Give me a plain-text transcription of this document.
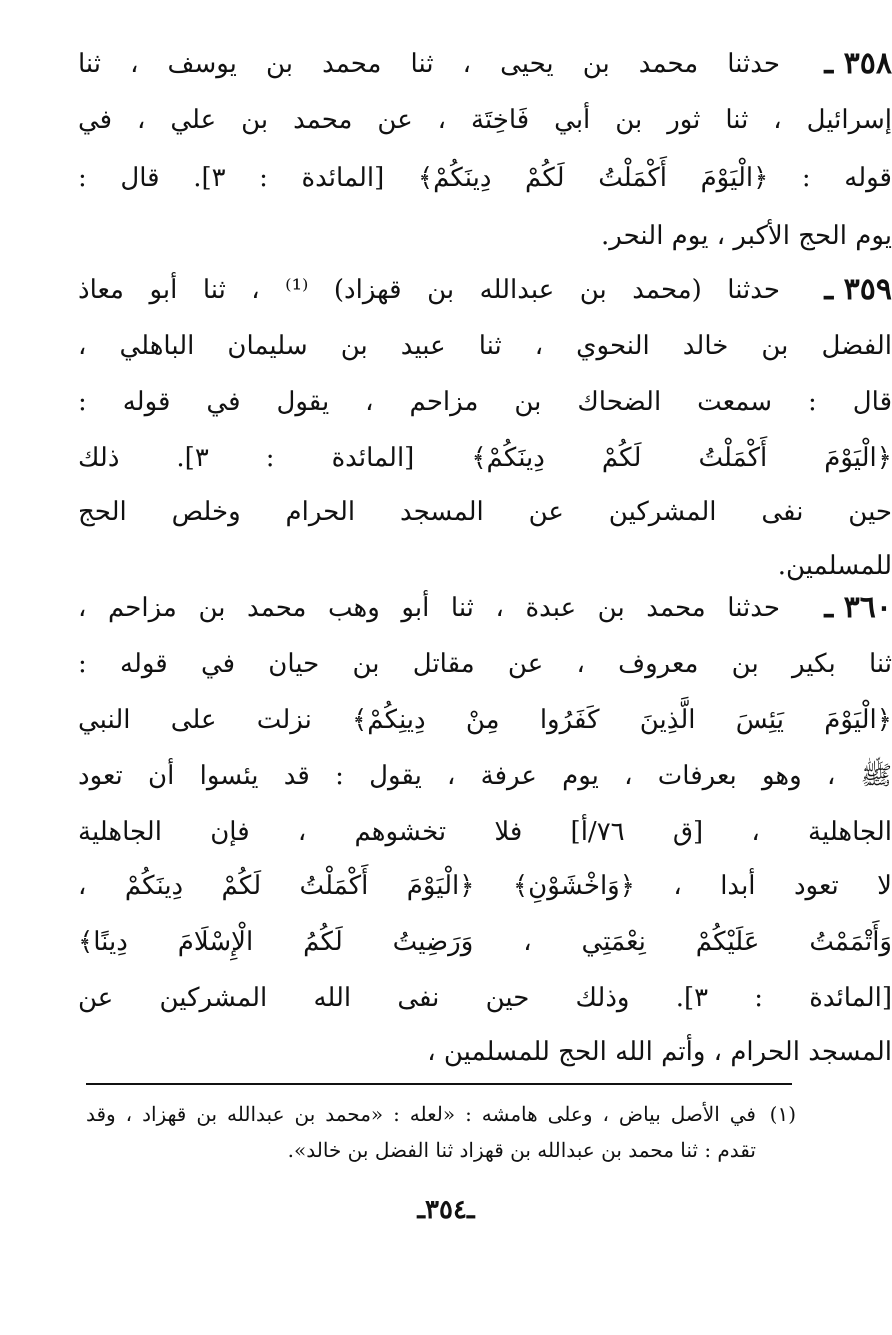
٣٥٨ ـ
حدثنا محمد بن يحيى ، ثنا محمد بن يوسف ، ثنا
إسرائيل ، ثنا ثور بن أبي فَاخِتَة ، عن محمد بن علي ، في
قوله : ﴿الْيَوْمَ أَكْمَلْتُ لَكُمْ دِينَكُمْ﴾ [المائدة : ٣]. قال :
يوم الحج الأكبر ، يوم النحر.
٣٥٩ ـ
حدثنا (محمد بن عبدالله بن قهزاد) ⁽¹⁾ ، ثنا أبو معاذ
الفضل بن خالد النحوي ، ثنا عبيد بن سليمان الباهلي ،
قال : سمعت الضحاك بن مزاحم ، يقول في قوله :
﴿الْيَوْمَ أَكْمَلْتُ لَكُمْ دِينَكُمْ﴾ [المائدة : ٣]. ذلك
حين نفى المشركين عن المسجد الحرام وخلص الحج
للمسلمين.
٣٦٠ ـ
حدثنا محمد بن عبدة ، ثنا أبو وهب محمد بن مزاحم ،
ثنا بكير بن معروف ، عن مقاتل بن حيان في قوله :
﴿الْيَوْمَ يَئِسَ الَّذِينَ كَفَرُوا مِنْ دِينِكُمْ﴾ نزلت على النبي
ﷺ ، وهو بعرفات ، يوم عرفة ، يقول : قد يئسوا أن تعود
الجاهلية ، [ق ٧٦/أ] فلا تخشوهم ، فإن الجاهلية
لا تعود أبدا ، ﴿وَاخْشَوْنِ﴾ ﴿الْيَوْمَ أَكْمَلْتُ لَكُمْ دِينَكُمْ ،
وَأَتْمَمْتُ عَلَيْكُمْ نِعْمَتِي ، وَرَضِيتُ لَكُمُ الْإِسْلَامَ دِينًا﴾
[المائدة : ٣]. وذلك حين نفى الله المشركين عن
المسجد الحرام ، وأتم الله الحج للمسلمين ،
(١)
في الأصل بياض ، وعلى هامشه : «لعله : «محمد بن عبدالله بن قهزاد ، وقد
تقدم : ثنا محمد بن عبدالله بن قهزاد ثنا الفضل بن خالد».
ـ٣٥٤ـ
